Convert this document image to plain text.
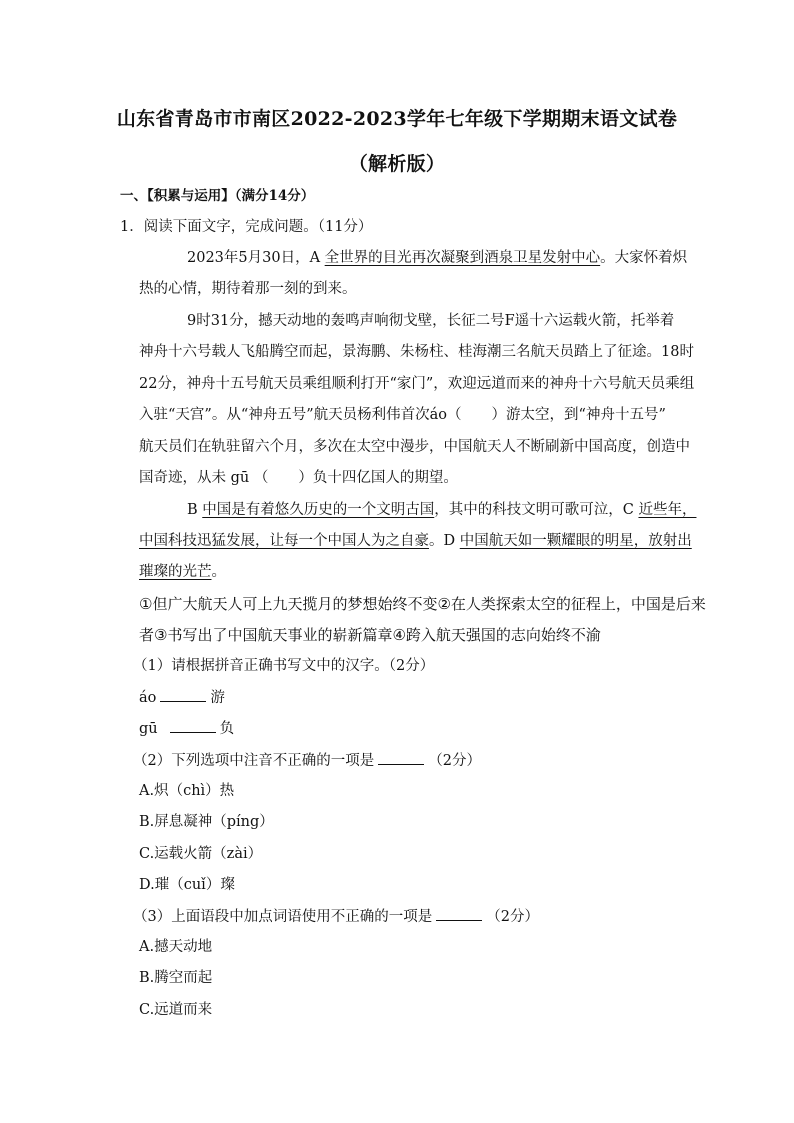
山东省青岛市市南区2022-2023学年七年级下学期期末语文试卷
（解析版）
一、【积累与运用】（满分14分）
1．阅读下面文字，完成问题。（11分）
2023年5月30日，A 全世界的目光再次凝聚到酒泉卫星发射中心。大家怀着炽
热的心情，期待着那一刻的到来。
9时31分，撼天动地的轰鸣声响彻戈壁，长征二号F遥十六运载火箭，托举着
神舟十六号载人飞船腾空而起，景海鹏、朱杨柱、桂海潮三名航天员踏上了征途。18时
22分，神舟十五号航天员乘组顺利打开“家门”，欢迎远道而来的神舟十六号航天员乘组
入驻“天宫”。从“神舟五号”航天员杨利伟首次áo（ ）游太空，到“神舟十五号”
航天员们在轨驻留六个月，多次在太空中漫步，中国航天人不断刷新中国高度，创造中
国奇迹，从未 gū （ ）负十四亿国人的期望。
B 中国是有着悠久历史的一个文明古国，其中的科技文明可歌可泣，C 近些年，
中国科技迅猛发展，让每一个中国人为之自豪。D 中国航天如一颗耀眼的明星，放射出
璀璨的光芒。
①但广大航天人可上九天揽月的梦想始终不变②在人类探索太空的征程上，中国是后来
者③书写出了中国航天事业的崭新篇章④跨入航天强国的志向始终不渝
（1）请根据拼音正确书写文中的汉字。（2分）
áo	游
gū	负
（2）下列选项中注音不正确的一项是	（2分）
A.炽（chì）热
B.屏息凝神（píng）
C.运载火箭（zài）
D.璀（cuǐ）璨
（3）上面语段中加点词语使用不正确的一项是	（2分）
A.撼天动地
B.腾空而起
C.远道而来
